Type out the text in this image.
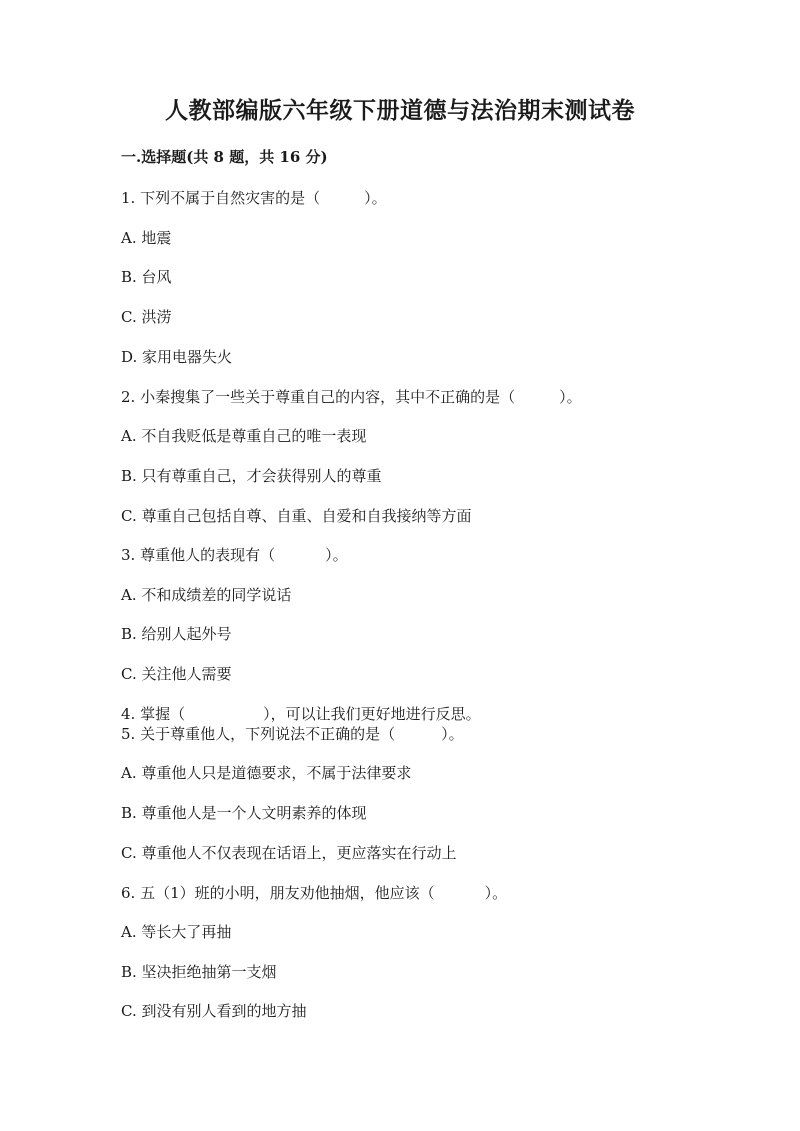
人教部编版六年级下册道德与法治期末测试卷
一.选择题(共 8 题，共 16 分)
1. 下列不属于自然灾害的是（	）。
A. 地震
B. 台风
C. 洪涝
D. 家用电器失火
2. 小秦搜集了一些关于尊重自己的内容，其中不正确的是（	）。
A. 不自我贬低是尊重自己的唯一表现
B. 只有尊重自己，才会获得别人的尊重
C. 尊重自己包括自尊、自重、自爱和自我接纳等方面
3. 尊重他人的表现有（	）。
A. 不和成绩差的同学说话
B. 给别人起外号
C. 关注他人需要
4. 掌握（	），可以让我们更好地进行反思。
5. 关于尊重他人，下列说法不正确的是（	）。
A. 尊重他人只是道德要求，不属于法律要求
B. 尊重他人是一个人文明素养的体现
C. 尊重他人不仅表现在话语上，更应落实在行动上
6. 五（1）班的小明，朋友劝他抽烟，他应该（	）。
A. 等长大了再抽
B. 坚决拒绝抽第一支烟
C. 到没有别人看到的地方抽
